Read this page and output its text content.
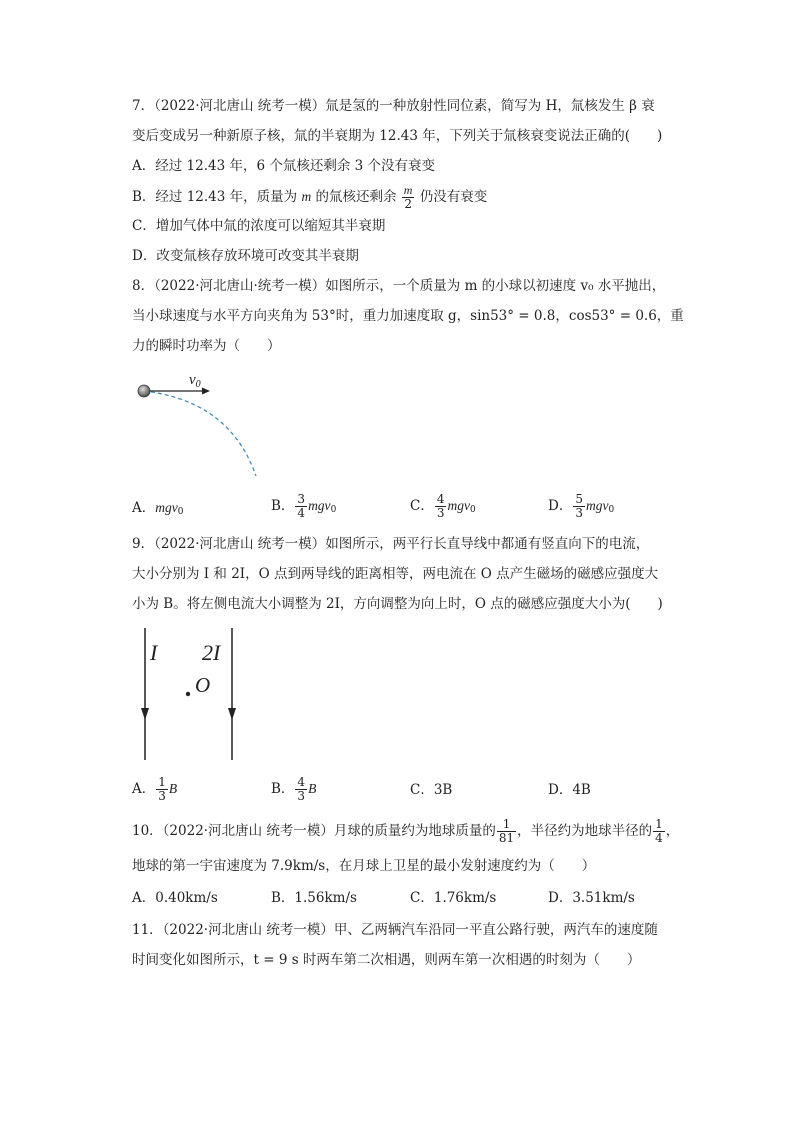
7．（2022·河北唐山 统考一模）氚是氢的一种放射性同位素，简写为 H，氚核发生 β 衰
变后变成另一种新原子核，氚的半衰期为 12.43 年，下列关于氚核衰变说法正确的(　　)
A．经过 12.43 年，6 个氚核还剩余 3 个没有衰变
B．经过 12.43 年，质量为 m 的氚核还剩余 $\frac{m}{2}$ 仍没有衰变
C．增加气体中氚的浓度可以缩短其半衰期
D．改变氚核存放环境可改变其半衰期
8．（2022·河北唐山·统考一模）如图所示，一个质量为 m 的小球以初速度 v₀ 水平抛出，
当小球速度与水平方向夹角为 53°时，重力加速度取 g，sin53° = 0.8，cos53° = 0.6，重
力的瞬时功率为（　　）
$v_0$
A．mgv$_0$	B． $\frac{3}{4} mgv_0$	C． $\frac{4}{3} mgv_0$	D． $\frac{5}{3} mgv_0$
9．（2022·河北唐山 统考一模）如图所示，两平行长直导线中都通有竖直向下的电流，
大小分别为 I 和 2I，O 点到两导线的距离相等，两电流在 O 点产生磁场的磁感应强度大
小为 B。将左侧电流大小调整为 2I，方向调整为向上时，O 点的磁感应强度大小为(　　)
I 2I
O
A． $\frac{1}{3}$ B	B． $\frac{4}{3}$ B	C．3B	D．4B
10．（2022·河北唐山 统考一模）月球的质量约为地球质量的 $\frac{1}{81}$ ，半径约为地球半径的 $\frac{1}{4}$ ，
地球的第一宇宙速度为 7.9km/s，在月球上卫星的最小发射速度约为（　　）
A．0.40km/s	B．1.56km/s	C．1.76km/s	D．3.51km/s
11．（2022·河北唐山 统考一模）甲、乙两辆汽车沿同一平直公路行驶，两汽车的速度随
时间变化如图所示，t = 9 s 时两车第二次相遇，则两车第一次相遇的时刻为（　　）
